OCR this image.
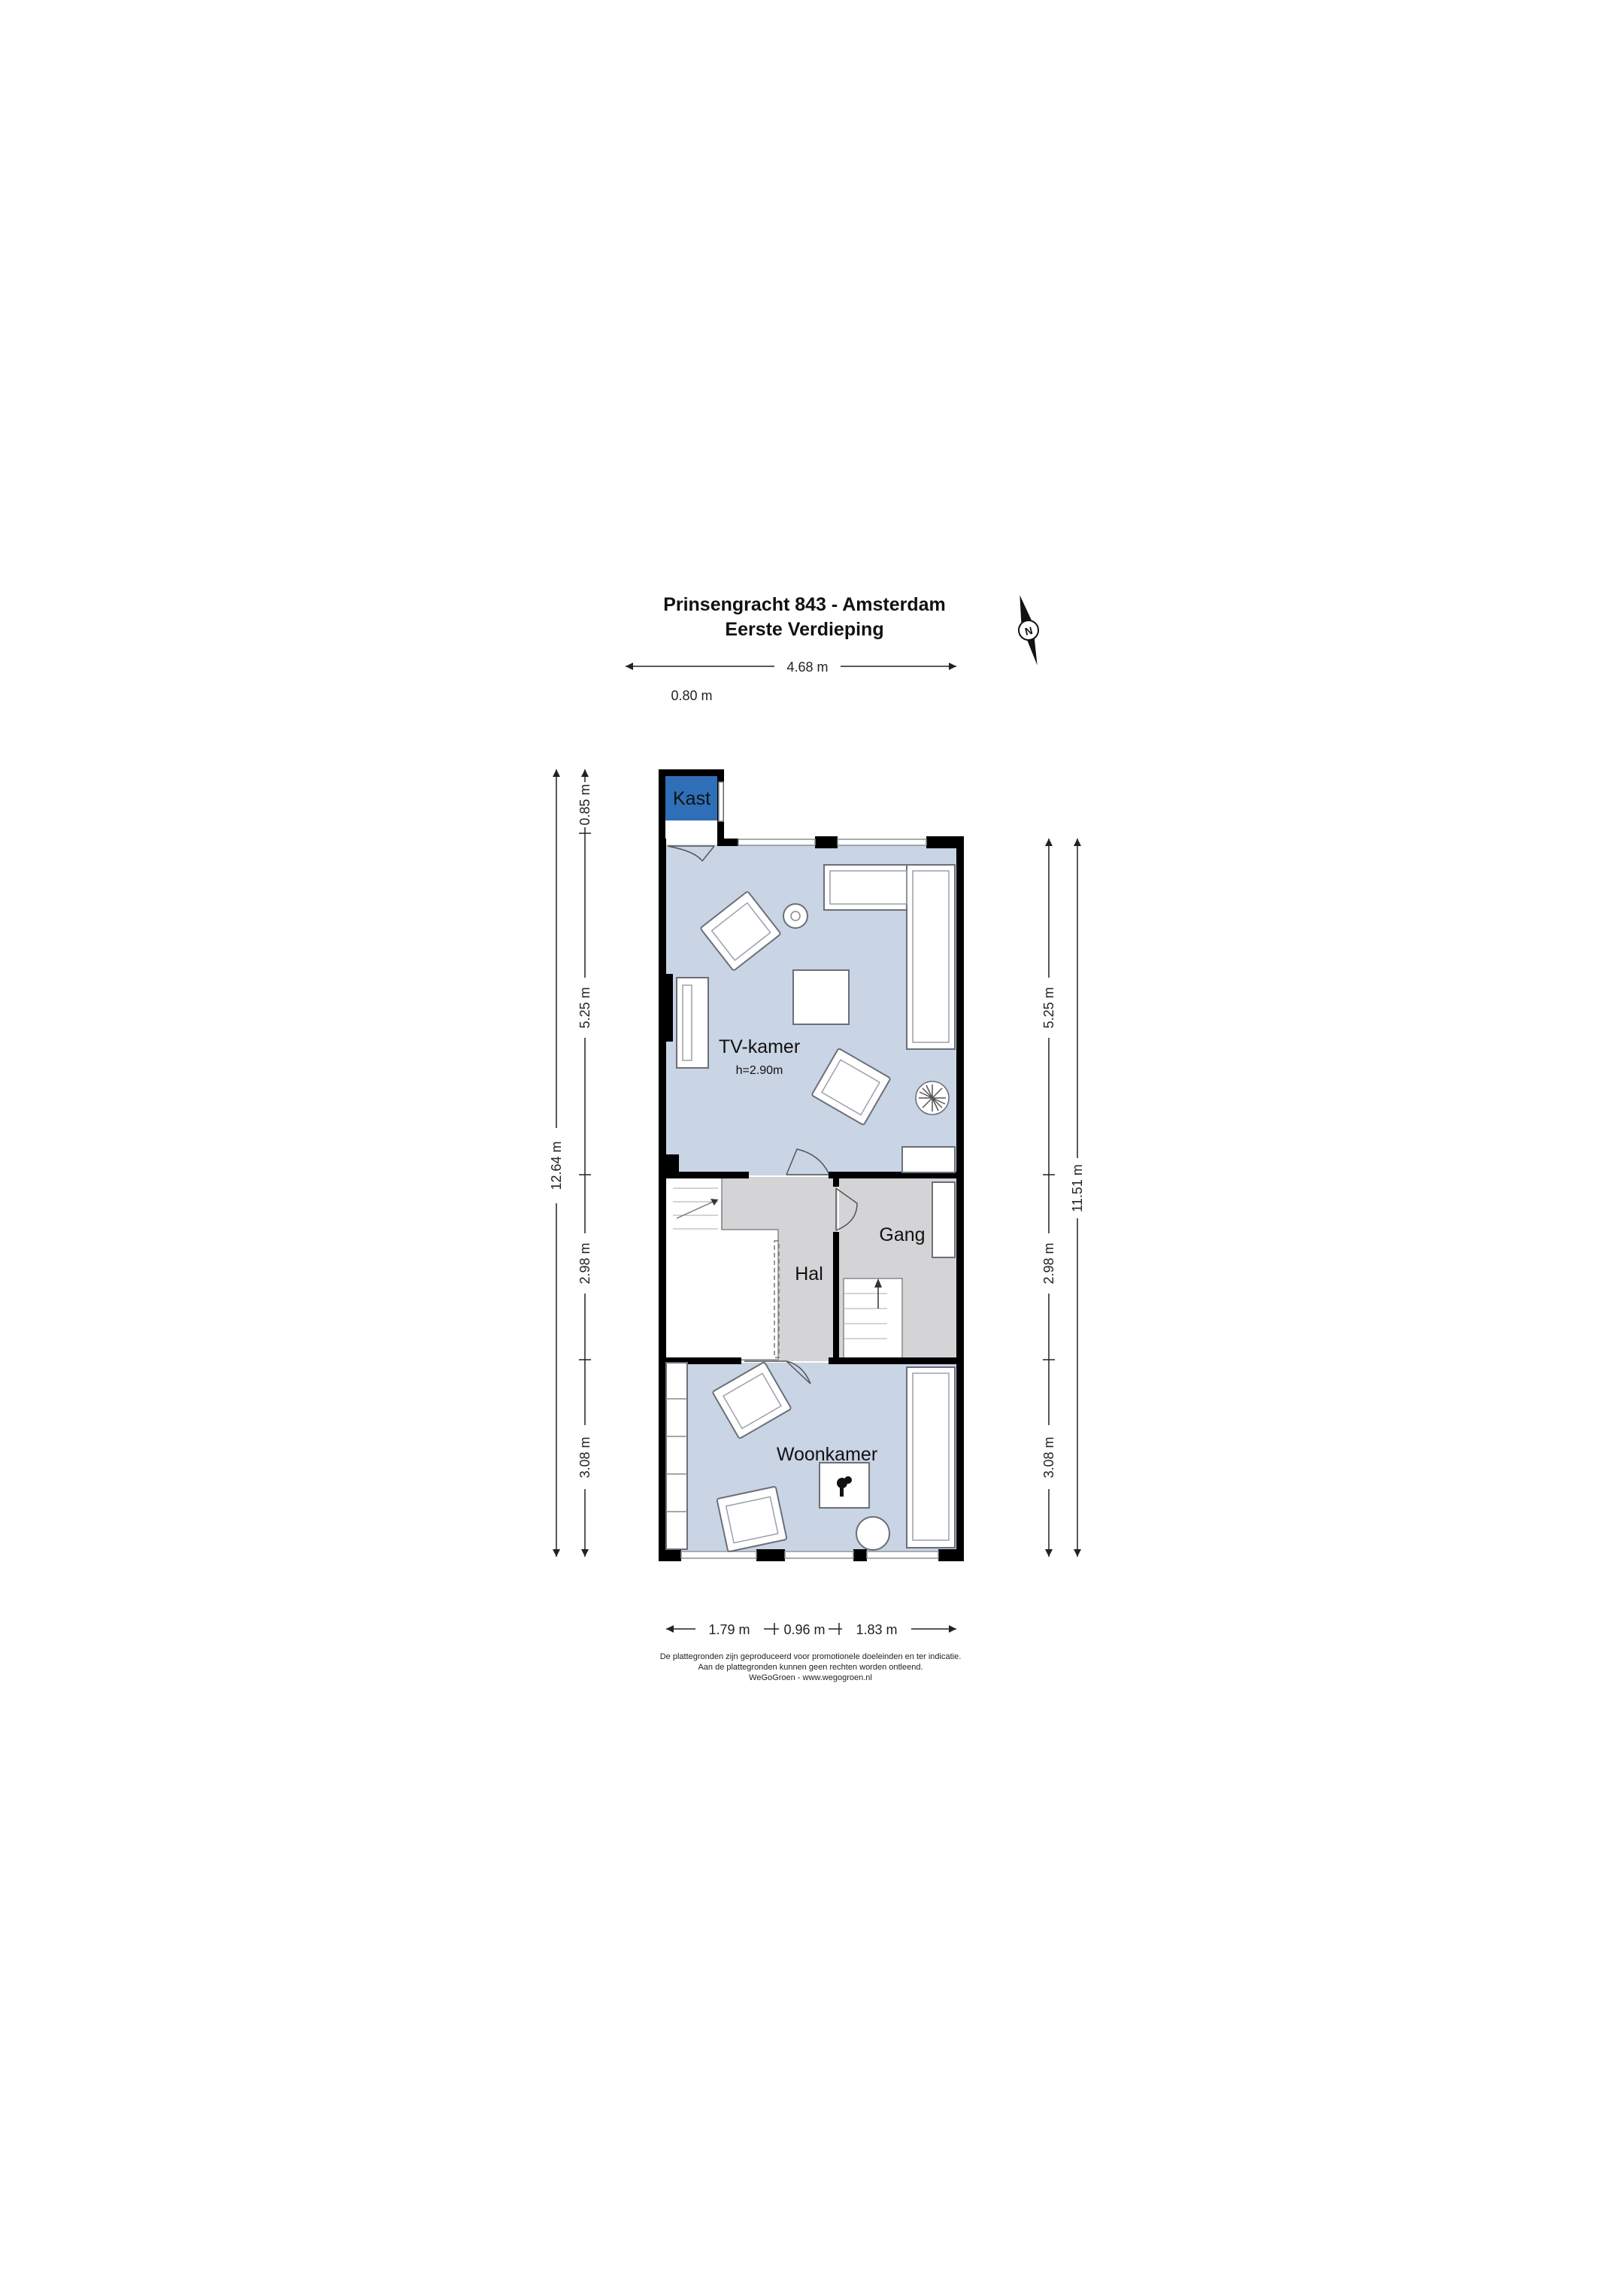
Prinsengracht 843 - Amsterdam
Eerste Verdieping	N
4.68 m
0.80 m
Kast
TV-kamer
h=2.90m
Hal
Gang
Woonkamer
12.64 m
0.85 m
5.25 m
2.98 m
3.08 m
5.25 m
2.98 m
3.08 m
11.51 m
1.79 m 0.96 m 1.83 m
De plattegronden zijn geproduceerd voor promotionele doeleinden en ter indicatie.
Aan de plattegronden kunnen geen rechten worden ontleend.
WeGoGroen - www.wegogroen.nl
